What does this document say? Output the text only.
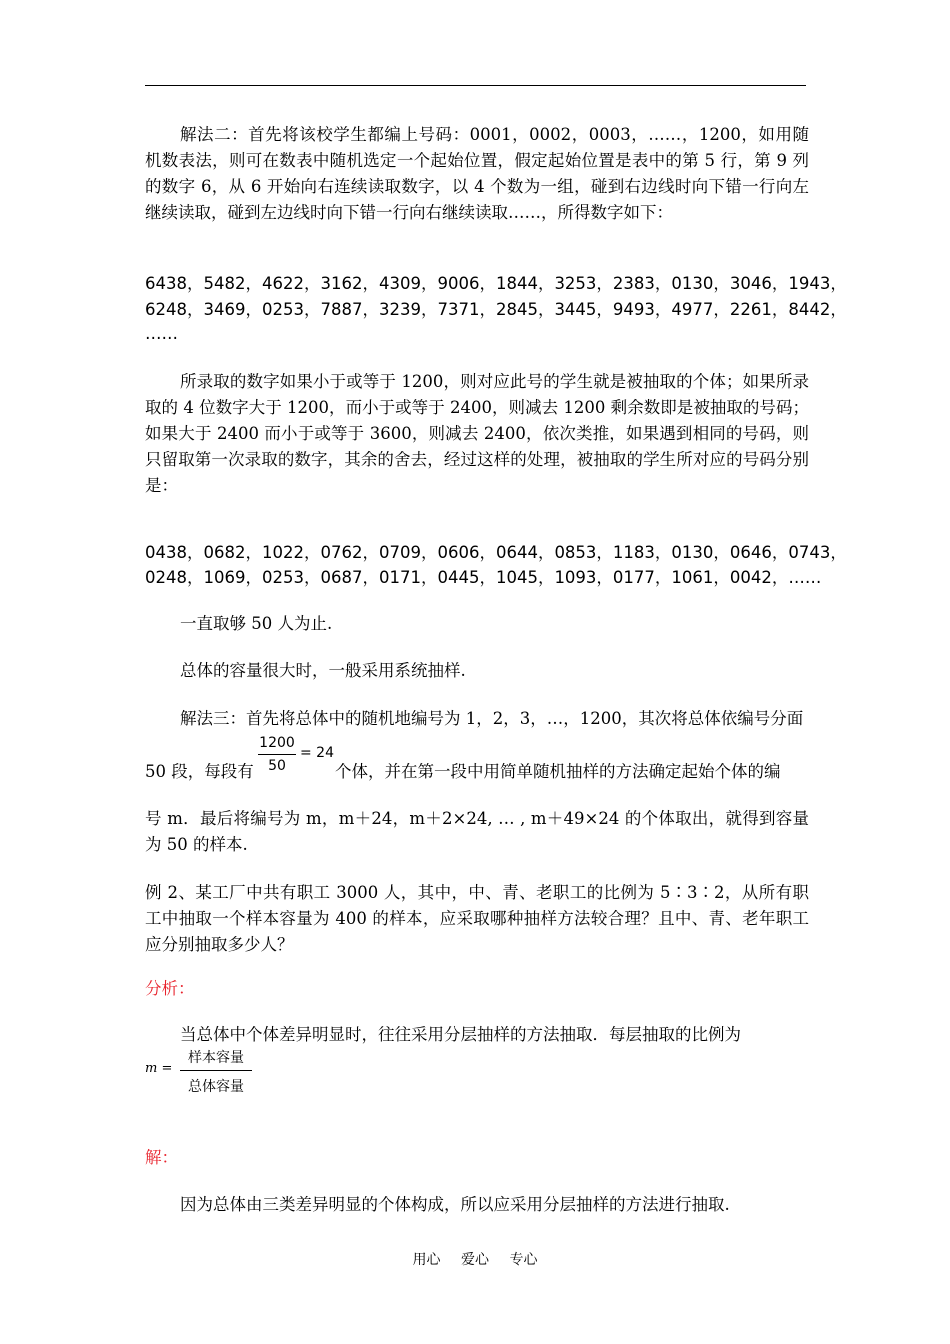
解法二：首先将该校学生都编上号码：0001，0002，0003，……，1200，如用随机数表法，则可在数表中随机选定一个起始位置，假定起始位置是表中的第 5 行，第 9 列的数字 6，从 6 开始向右连续读取数字，以 4 个数为一组，碰到右边线时向下错一行向左继续读取，碰到左边线时向下错一行向右继续读取……，所得数字如下：

6438，5482，4622，3162，4309，9006，1844，3253，2383，0130，3046，1943，

6248，3469，0253，7887，3239，7371，2845，3445，9493，4977，2261，8442，

……

所录取的数字如果小于或等于 1200，则对应此号的学生就是被抽取的个体；如果所录取的 4 位数字大于 1200，而小于或等于 2400，则减去 1200 剩余数即是被抽取的号码；如果大于 2400 而小于或等于 3600，则减去 2400，依次类推，如果遇到相同的号码，则只留取第一次录取的数字，其余的舍去，经过这样的处理，被抽取的学生所对应的号码分别是：

0438，0682，1022，0762，0709，0606，0644，0853，1183，0130，0646，0743，

0248，1069，0253，0687，0171，0445，1045，1093，0177，1061，0042，……

一直取够 50 人为止.

总体的容量很大时，一般采用系统抽样.

解法三：首先将总体中的随机地编号为 1，2，3，…，1200，其次将总体依编号分面

50 段，每段有

1200
50
= 24

个体，并在第一段中用简单随机抽样的方法确定起始个体的编

号 m．最后将编号为 m，m＋24，m＋2×24, … , m＋49×24 的个体取出，就得到容量为 50 的样本.

例 2、某工厂中共有职工 3000 人，其中，中、青、老职工的比例为 5∶3∶2，从所有职工中抽取一个样本容量为 400 的样本，应采取哪种抽样方法较合理？且中、青、老年职工应分别抽取多少人？

分析：

当总体中个体差异明显时，往往采用分层抽样的方法抽取．每层抽取的比例为

m =
样本容量
总体容量

解：

因为总体由三类差异明显的个体构成，所以应采用分层抽样的方法进行抽取.

用心 爱心 专心
